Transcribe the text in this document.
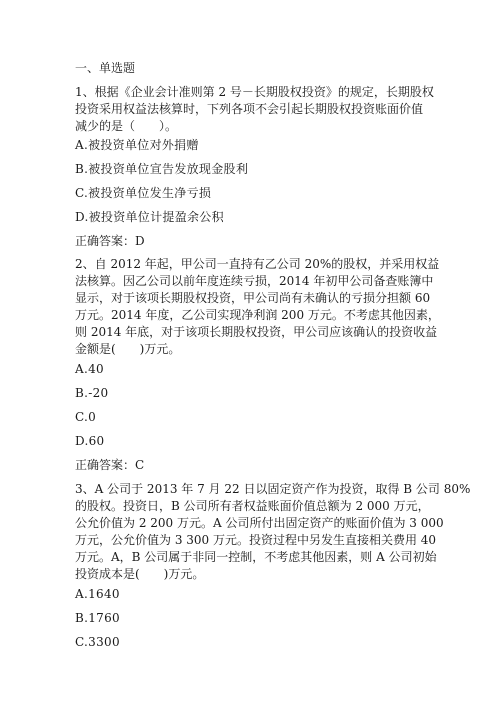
一、单选题
1、根据《企业会计准则第 2 号－长期股权投资》的规定，长期股权
投资采用权益法核算时，下列各项不会引起长期股权投资账面价值
减少的是（　　）。
A.被投资单位对外捐赠
B.被投资单位宣告发放现金股利
C.被投资单位发生净亏损
D.被投资单位计提盈余公积
正确答案：D
2、自 2012 年起，甲公司一直持有乙公司 20%的股权，并采用权益
法核算。因乙公司以前年度连续亏损，2014 年初甲公司备查账簿中
显示，对于该项长期股权投资，甲公司尚有未确认的亏损分担额 60
万元。2014 年度，乙公司实现净利润 200 万元。不考虑其他因素，
则 2014 年底，对于该项长期股权投资，甲公司应该确认的投资收益
金额是(　　)万元。
A.40
B.-20
C.0
D.60
正确答案：C
3、A 公司于 2013 年 7 月 22 日以固定资产作为投资，取得 B 公司 80%
的股权。投资日，B 公司所有者权益账面价值总额为 2 000 万元，
公允价值为 2 200 万元。A 公司所付出固定资产的账面价值为 3 000
万元，公允价值为 3 300 万元。投资过程中另发生直接相关费用 40
万元。A，B 公司属于非同一控制，不考虑其他因素，则 A 公司初始
投资成本是(　　)万元。
A.1640
B.1760
C.3300
